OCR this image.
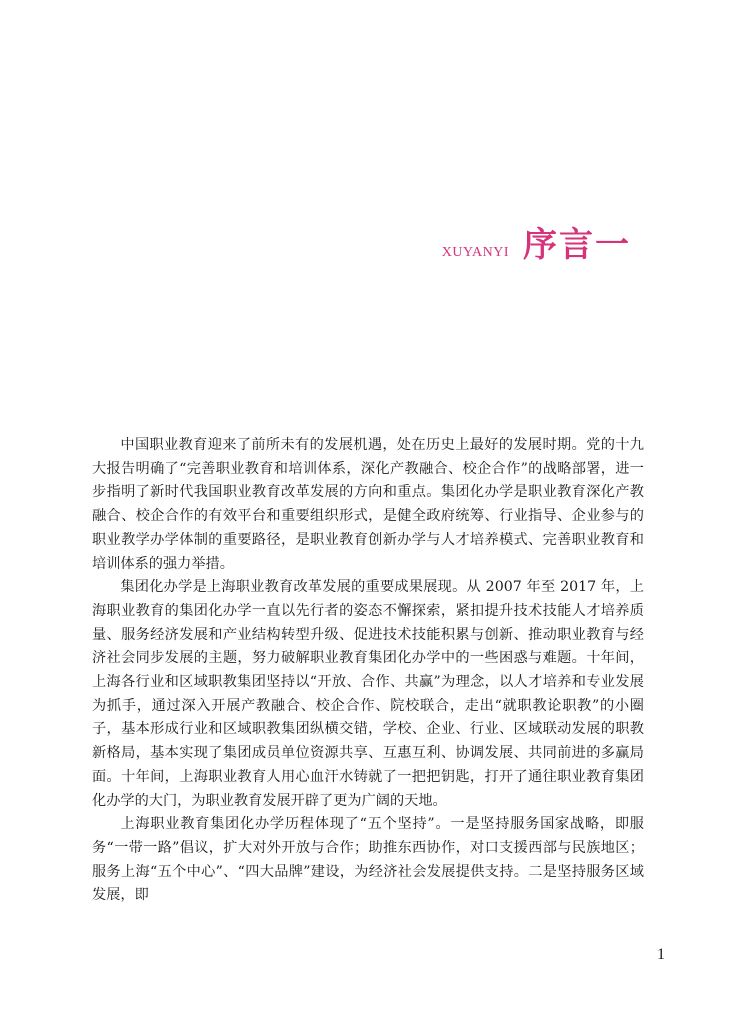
XUYANYI 序言一

中国职业教育迎来了前所未有的发展机遇，处在历史上最好的发展时期。党的十九大报告明确了“完善职业教育和培训体系，深化产教融合、校企合作”的战略部署，进一步指明了新时代我国职业教育改革发展的方向和重点。集团化办学是职业教育深化产教融合、校企合作的有效平台和重要组织形式，是健全政府统筹、行业指导、企业参与的职业教学办学体制的重要路径，是职业教育创新办学与人才培养模式、完善职业教育和培训体系的强力举措。

集团化办学是上海职业教育改革发展的重要成果展现。从 2007 年至 2017 年，上海职业教育的集团化办学一直以先行者的姿态不懈探索，紧扣提升技术技能人才培养质量、服务经济发展和产业结构转型升级、促进技术技能积累与创新、推动职业教育与经济社会同步发展的主题，努力破解职业教育集团化办学中的一些困惑与难题。十年间，上海各行业和区域职教集团坚持以“开放、合作、共赢”为理念，以人才培养和专业发展为抓手，通过深入开展产教融合、校企合作、院校联合，走出“就职教论职教”的小圈子，基本形成行业和区域职教集团纵横交错，学校、企业、行业、区域联动发展的职教新格局，基本实现了集团成员单位资源共享、互惠互利、协调发展、共同前进的多赢局面。十年间，上海职业教育人用心血汗水铸就了一把把钥匙，打开了通往职业教育集团化办学的大门，为职业教育发展开辟了更为广阔的天地。

上海职业教育集团化办学历程体现了“五个坚持”。一是坚持服务国家战略，即服务“一带一路”倡议，扩大对外开放与合作；助推东西协作，对口支援西部与民族地区；服务上海“五个中心”、“四大品牌”建设，为经济社会发展提供支持。二是坚持服务区域发展，即

1
